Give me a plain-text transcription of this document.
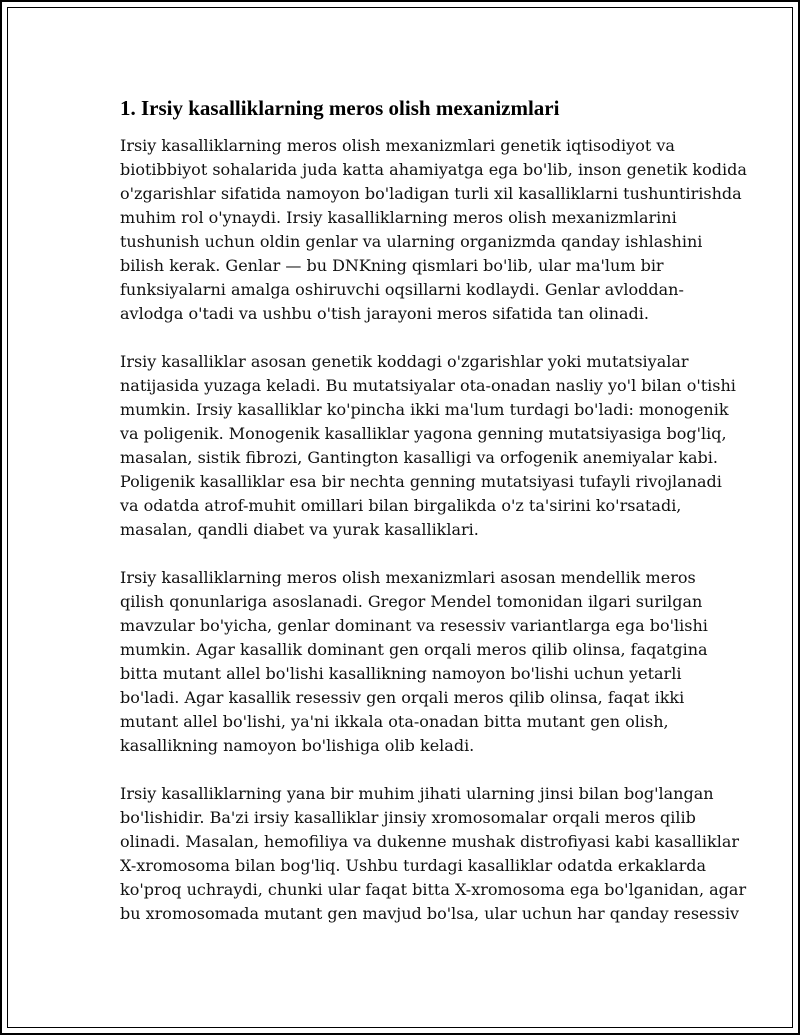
1. Irsiy kasalliklarning meros olish mexanizmlari
Irsiy kasalliklarning meros olish mexanizmlari genetik iqtisodiyot va
biotibbiyot sohalarida juda katta ahamiyatga ega bo'lib, inson genetik kodida
o'zgarishlar sifatida namoyon bo'ladigan turli xil kasalliklarni tushuntirishda
muhim rol o'ynaydi. Irsiy kasalliklarning meros olish mexanizmlarini
tushunish uchun oldin genlar va ularning organizmda qanday ishlashini
bilish kerak. Genlar — bu DNKning qismlari bo'lib, ular ma'lum bir
funksiyalarni amalga oshiruvchi oqsillarni kodlaydi. Genlar avloddan-
avlodga o'tadi va ushbu o'tish jarayoni meros sifatida tan olinadi.
Irsiy kasalliklar asosan genetik koddagi o'zgarishlar yoki mutatsiyalar
natijasida yuzaga keladi. Bu mutatsiyalar ota-onadan nasliy yo'l bilan o'tishi
mumkin. Irsiy kasalliklar ko'pincha ikki ma'lum turdagi bo'ladi: monogenik
va poligenik. Monogenik kasalliklar yagona genning mutatsiyasiga bog'liq,
masalan, sistik fibrozi, Gantington kasalligi va orfogenik anemiyalar kabi.
Poligenik kasalliklar esa bir nechta genning mutatsiyasi tufayli rivojlanadi
va odatda atrof-muhit omillari bilan birgalikda o'z ta'sirini ko'rsatadi,
masalan, qandli diabet va yurak kasalliklari.
Irsiy kasalliklarning meros olish mexanizmlari asosan mendellik meros
qilish qonunlariga asoslanadi. Gregor Mendel tomonidan ilgari surilgan
mavzular bo'yicha, genlar dominant va resessiv variantlarga ega bo'lishi
mumkin. Agar kasallik dominant gen orqali meros qilib olinsa, faqatgina
bitta mutant allel bo'lishi kasallikning namoyon bo'lishi uchun yetarli
bo'ladi. Agar kasallik resessiv gen orqali meros qilib olinsa, faqat ikki
mutant allel bo'lishi, ya'ni ikkala ota-onadan bitta mutant gen olish,
kasallikning namoyon bo'lishiga olib keladi.
Irsiy kasalliklarning yana bir muhim jihati ularning jinsi bilan bog'langan
bo'lishidir. Ba'zi irsiy kasalliklar jinsiy xromosomalar orqali meros qilib
olinadi. Masalan, hemofiliya va dukenne mushak distrofiyasi kabi kasalliklar
X-xromosoma bilan bog'liq. Ushbu turdagi kasalliklar odatda erkaklarda
ko'proq uchraydi, chunki ular faqat bitta X-xromosoma ega bo'lganidan, agar
bu xromosomada mutant gen mavjud bo'lsa, ular uchun har qanday resessiv
